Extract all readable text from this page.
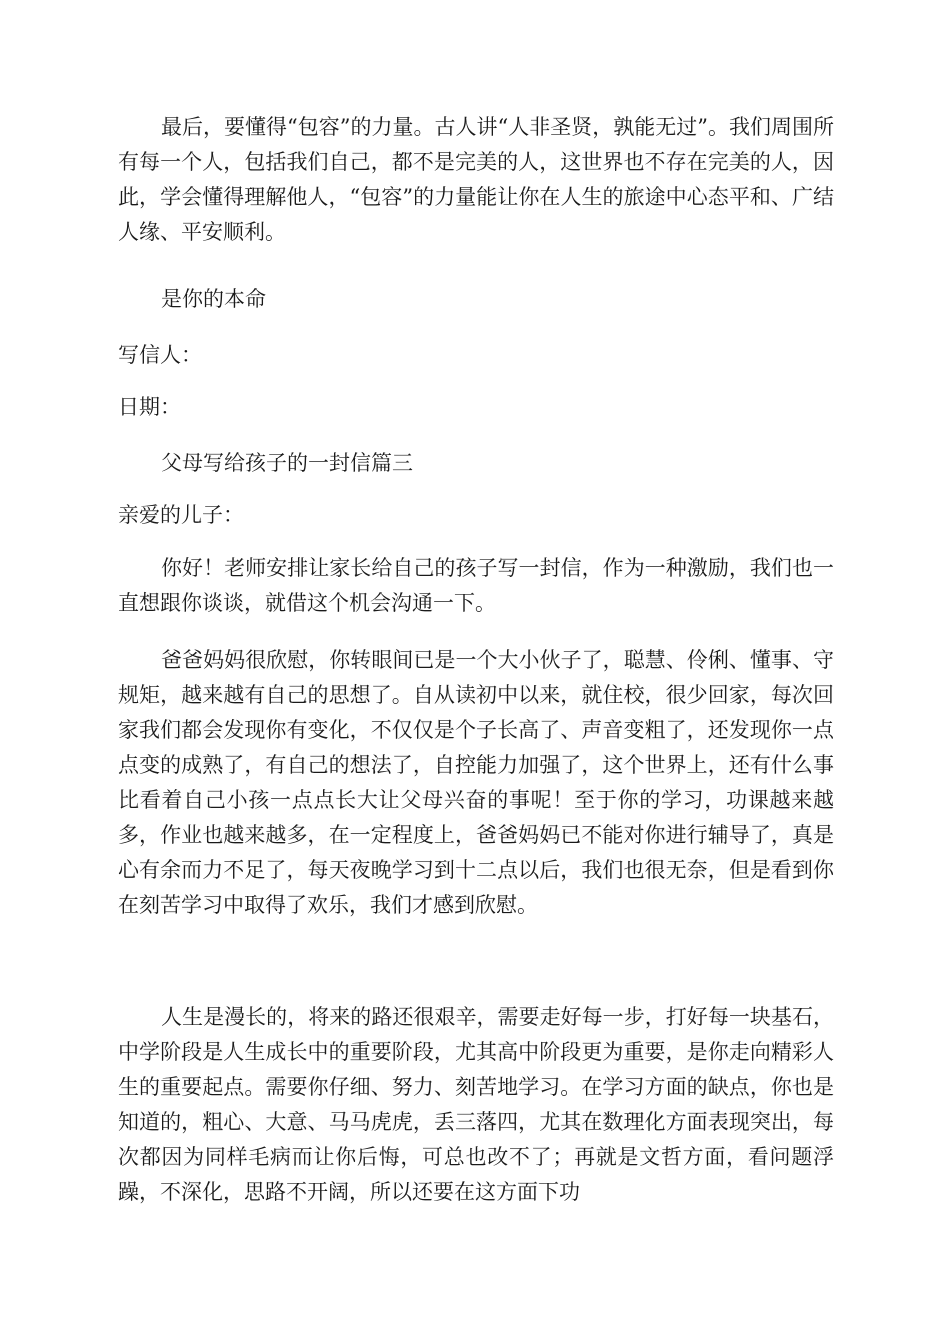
最后，要懂得“包容”的力量。古人讲“人非圣贤，孰能无过”。我们周围所有每一个人，包括我们自己，都不是完美的人，这世界也不存在完美的人，因此，学会懂得理解他人，“包容”的力量能让你在人生的旅途中心态平和、广结人缘、平安顺利。

是你的本命

写信人：

日期：

父母写给孩子的一封信篇三

亲爱的儿子：

你好！老师安排让家长给自己的孩子写一封信，作为一种激励，我们也一直想跟你谈谈，就借这个机会沟通一下。

爸爸妈妈很欣慰，你转眼间已是一个大小伙子了，聪慧、伶俐、懂事、守规矩，越来越有自己的思想了。自从读初中以来，就住校，很少回家，每次回家我们都会发现你有变化，不仅仅是个子长高了、声音变粗了，还发现你一点点变的成熟了，有自己的想法了，自控能力加强了，这个世界上，还有什么事比看着自己小孩一点点长大让父母兴奋的事呢！至于你的学习，功课越来越多，作业也越来越多，在一定程度上，爸爸妈妈已不能对你进行辅导了，真是心有余而力不足了，每天夜晚学习到十二点以后，我们也很无奈，但是看到你在刻苦学习中取得了欢乐，我们才感到欣慰。

人生是漫长的，将来的路还很艰辛，需要走好每一步，打好每一块基石，中学阶段是人生成长中的重要阶段，尤其高中阶段更为重要，是你走向精彩人生的重要起点。需要你仔细、努力、刻苦地学习。在学习方面的缺点，你也是知道的，粗心、大意、马马虎虎，丢三落四，尤其在数理化方面表现突出，每次都因为同样毛病而让你后悔，可总也改不了；再就是文哲方面，看问题浮躁，不深化，思路不开阔，所以还要在这方面下功
